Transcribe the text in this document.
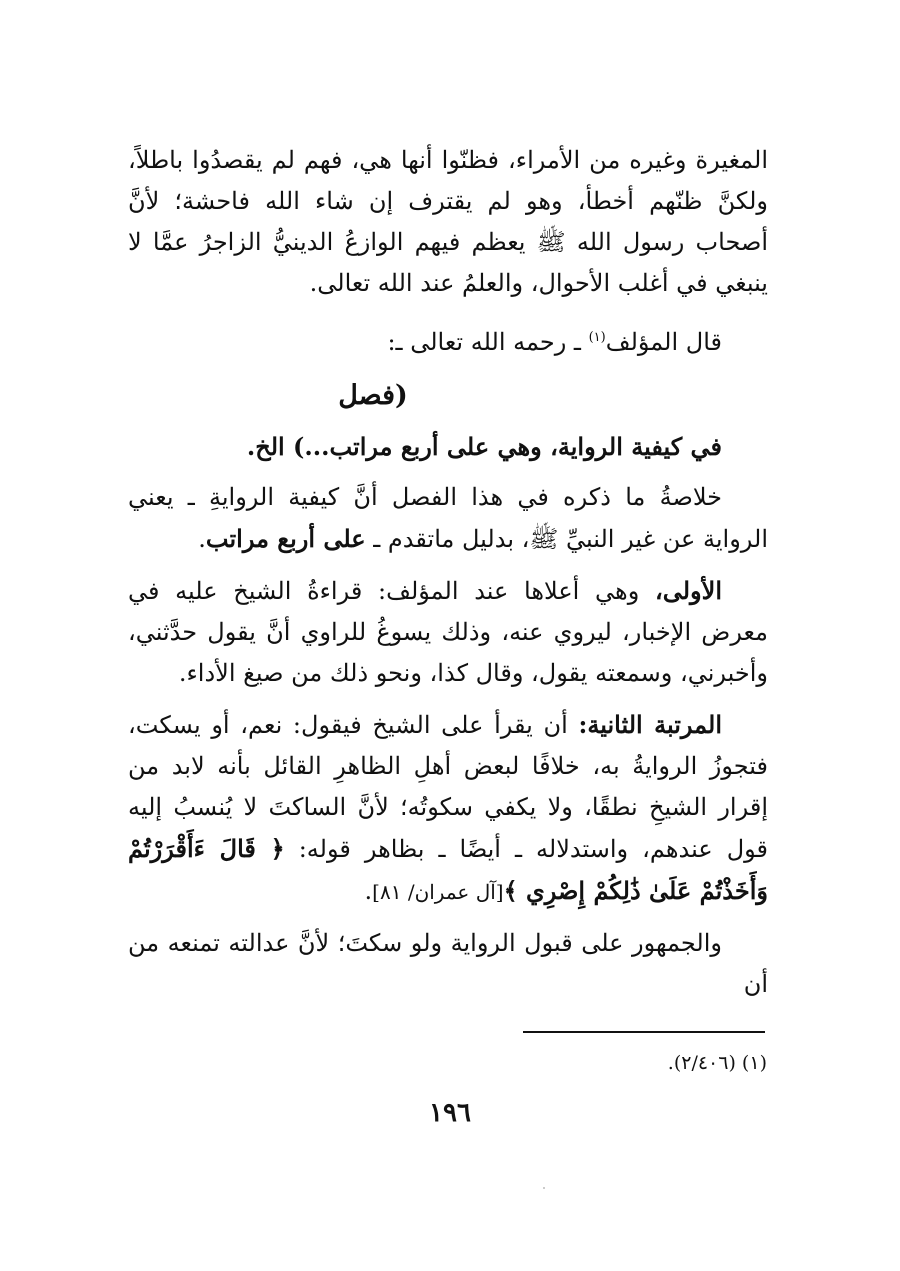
المغيرة وغيره من الأمراء، فظنّوا أنها هي، فهم لم يقصدُوا باطلاً، ولكنَّ ظنّهم أخطأ، وهو لم يقترف إن شاء الله فاحشة؛ لأنَّ أصحاب رسول الله ﷺ يعظم فيهم الوازعُ الدينيُّ الزاجرُ عمَّا لا ينبغي في أغلب الأحوال، والعلمُ عند الله تعالى.

قال المؤلف$^{(١)}$ ـ رحمه الله تعالى ـ:

(فصل

في كيفية الرواية، وهي على أربع مراتب...) الخ.

خلاصةُ ما ذكره في هذا الفصل أنَّ كيفية الروايةِ ـ يعني الرواية عن غير النبيِّ ﷺ، بدليل ماتقدم ـ على أربع مراتب.

الأولى، وهي أعلاها عند المؤلف: قراءةُ الشيخ عليه في معرض الإخبار، ليروي عنه، وذلك يسوغُ للراوي أنَّ يقول حدَّثني، وأخبرني، وسمعته يقول، وقال كذا، ونحو ذلك من صيغ الأداء.

المرتبة الثانية: أن يقرأ على الشيخ فيقول: نعم، أو يسكت، فتجوزُ الروايةُ به، خلافًا لبعض أهلِ الظاهرِ القائل بأنه لابد من إقرار الشيخِ نطقًا، ولا يكفي سكوتُه؛ لأنَّ الساكتَ لا يُنسبُ إليه قول عندهم، واستدلاله ـ أيضًا ـ بظاهر قوله: ﴿ قَالَ ءَأَقْرَرْتُمْ وَأَخَذْتُمْ عَلَىٰ ذَٰلِكُمْ إِصْرِي ﴾[آل عمران/ ٨١].

والجمهور على قبول الرواية ولو سكتَ؛ لأنَّ عدالته تمنعه من أن

(١) (٢/٤٠٦).
١٩٦
